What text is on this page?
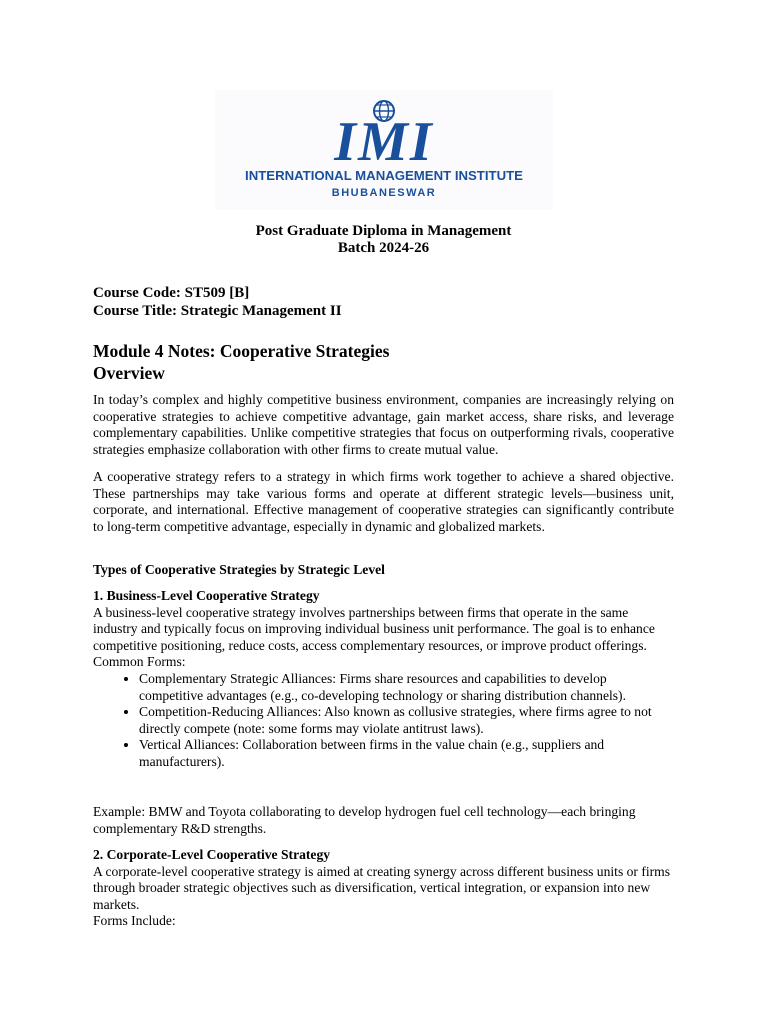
IMI
INTERNATIONAL MANAGEMENT INSTITUTE
BHUBANESWAR
Post Graduate Diploma in Management
Batch 2024-26
Course Code: ST509 [B]
Course Title: Strategic Management II
Module 4 Notes: Cooperative Strategies
Overview

In today’s complex and highly competitive business environment, companies are increasingly relying on cooperative strategies to achieve competitive advantage, gain market access, share risks, and leverage complementary capabilities. Unlike competitive strategies that focus on outperforming rivals, cooperative strategies emphasize collaboration with other firms to create mutual value.

A cooperative strategy refers to a strategy in which firms work together to achieve a shared objective. These partnerships may take various forms and operate at different strategic levels—business unit, corporate, and international. Effective management of cooperative strategies can significantly contribute to long-term competitive advantage, especially in dynamic and globalized markets.

Types of Cooperative Strategies by Strategic Level
1. Business-Level Cooperative Strategy

A business-level cooperative strategy involves partnerships between firms that operate in the same industry and typically focus on improving individual business unit performance. The goal is to enhance competitive positioning, reduce costs, access complementary resources, or improve product offerings.

Common Forms:
• Complementary Strategic Alliances: Firms share resources and capabilities to develop competitive advantages (e.g., co-developing technology or sharing distribution channels).
• Competition-Reducing Alliances: Also known as collusive strategies, where firms agree to not directly compete (note: some forms may violate antitrust laws).
• Vertical Alliances: Collaboration between firms in the value chain (e.g., suppliers and manufacturers).

Example: BMW and Toyota collaborating to develop hydrogen fuel cell technology—each bringing complementary R&D strengths.

2. Corporate-Level Cooperative Strategy

A corporate-level cooperative strategy is aimed at creating synergy across different business units or firms through broader strategic objectives such as diversification, vertical integration, or expansion into new markets.

Forms Include:
